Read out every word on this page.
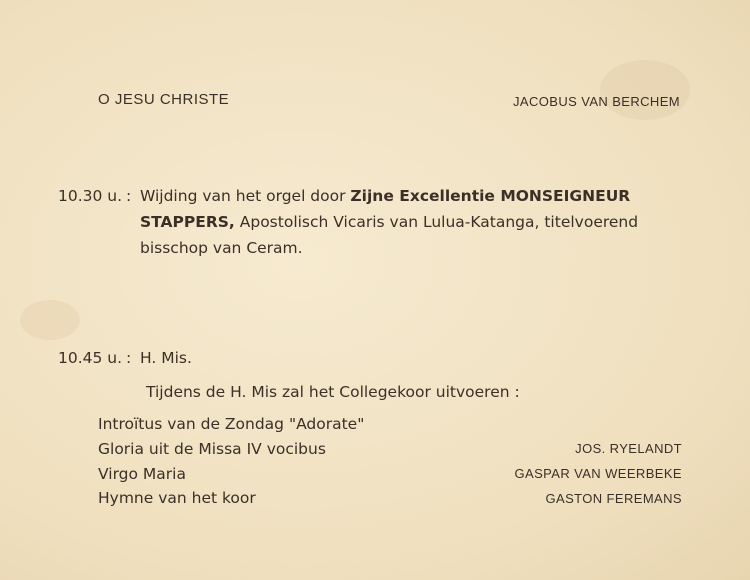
O JESU CHRISTE	JACOBUS VAN BERCHEM
10.30 u. : Wijding van het orgel door Zijne Excellentie MONSEIGNEUR
STAPPERS, Apostolisch Vicaris van Lulua-Katanga, titelvoerend
bisschop van Ceram.
10.45 u. : H. Mis.
Tijdens de H. Mis zal het Collegekoor uitvoeren :
Introïtus van de Zondag "Adorate"
Gloria uit de Missa IV vocibus	JOS. RYELANDT
Virgo Maria	GASPAR VAN WEERBEKE
Hymne van het koor	GASTON FEREMANS
